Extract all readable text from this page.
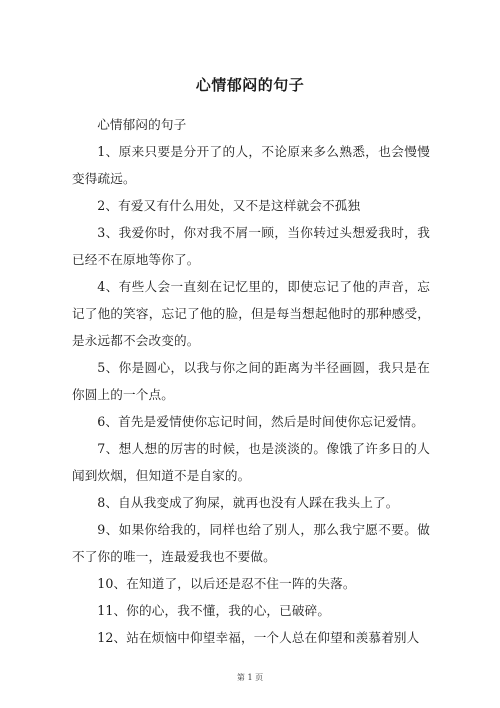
心情郁闷的句子

心情郁闷的句子

1、原来只要是分开了的人，不论原来多么熟悉，也会慢慢变得疏远。

2、有爱又有什么用处，又不是这样就会不孤独

3、我爱你时，你对我不屑一顾，当你转过头想爱我时，我已经不在原地等你了。

4、有些人会一直刻在记忆里的，即使忘记了他的声音，忘记了他的笑容，忘记了他的脸，但是每当想起他时的那种感受，是永远都不会改变的。

5、你是圆心，以我与你之间的距离为半径画圆，我只是在你圆上的一个点。

6、首先是爱情使你忘记时间，然后是时间使你忘记爱情。

7、想人想的厉害的时候，也是淡淡的。像饿了许多日的人闻到炊烟，但知道不是自家的。

8、自从我变成了狗屎，就再也没有人踩在我头上了。

9、如果你给我的，同样也给了别人，那么我宁愿不要。做不了你的唯一，连最爱我也不要做。

10、在知道了，以后还是忍不住一阵的失落。

11、你的心，我不懂，我的心，已破碎。

12、站在烦恼中仰望幸福，一个人总在仰望和羡慕着别人

第 1 页
